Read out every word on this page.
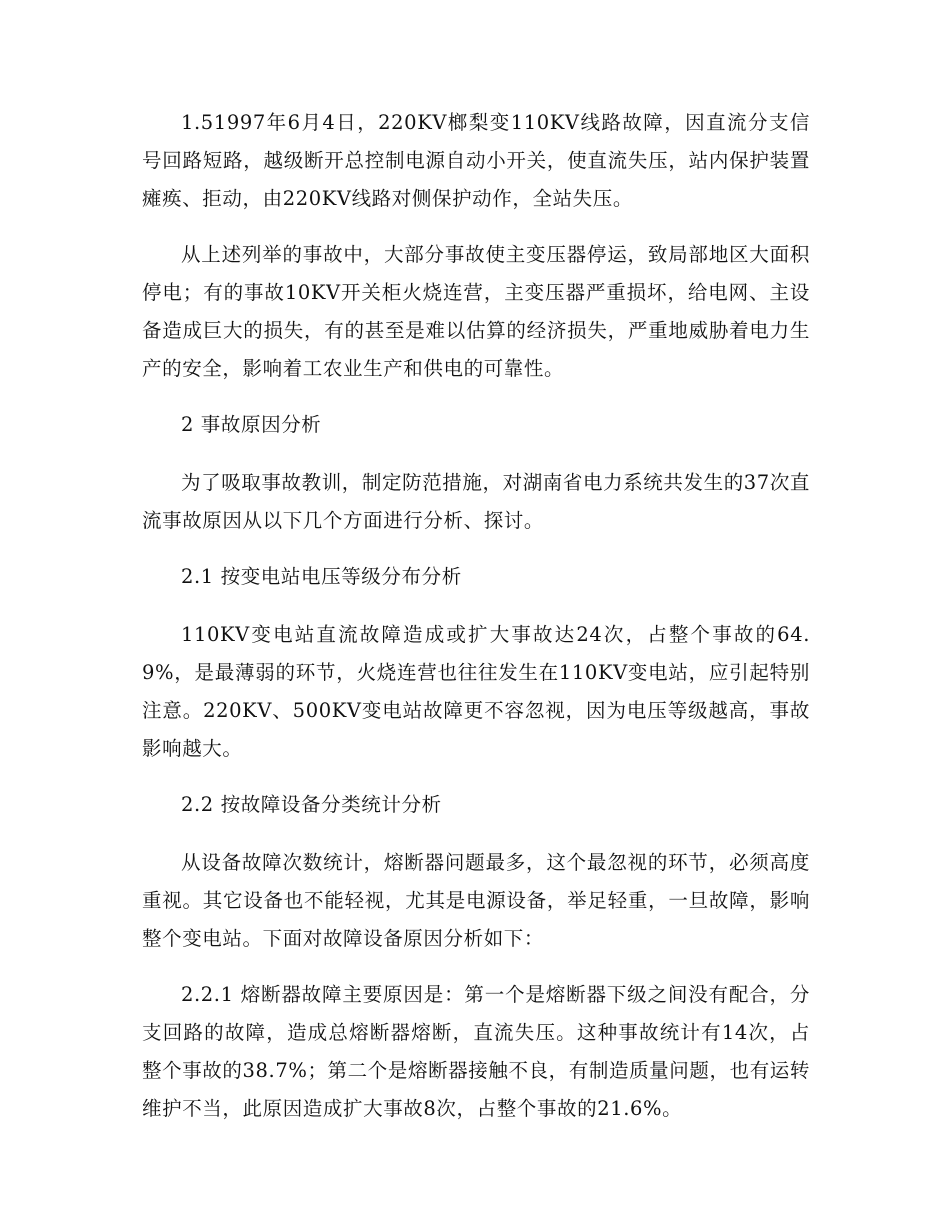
1.51997年6月4日，220KV榔梨变110KV线路故障，因直流分支信号回路短路，越级断开总控制电源自动小开关，使直流失压，站内保护装置瘫痪、拒动，由220KV线路对侧保护动作，全站失压。

从上述列举的事故中，大部分事故使主变压器停运，致局部地区大面积停电；有的事故10KV开关柜火烧连营，主变压器严重损坏，给电网、主设备造成巨大的损失，有的甚至是难以估算的经济损失，严重地威胁着电力生产的安全，影响着工农业生产和供电的可靠性。

2 事故原因分析

为了吸取事故教训，制定防范措施，对湖南省电力系统共发生的37次直流事故原因从以下几个方面进行分析、探讨。

2.1 按变电站电压等级分布分析

110KV变电站直流故障造成或扩大事故达24次，占整个事故的64.9%，是最薄弱的环节，火烧连营也往往发生在110KV变电站，应引起特别注意。220KV、500KV变电站故障更不容忽视，因为电压等级越高，事故影响越大。

2.2 按故障设备分类统计分析

从设备故障次数统计，熔断器问题最多，这个最忽视的环节，必须高度重视。其它设备也不能轻视，尤其是电源设备，举足轻重，一旦故障，影响整个变电站。下面对故障设备原因分析如下：

2.2.1 熔断器故障主要原因是：第一个是熔断器下级之间没有配合，分支回路的故障，造成总熔断器熔断，直流失压。这种事故统计有14次，占整个事故的38.7%；第二个是熔断器接触不良，有制造质量问题，也有运转维护不当，此原因造成扩大事故8次，占整个事故的21.6%。
